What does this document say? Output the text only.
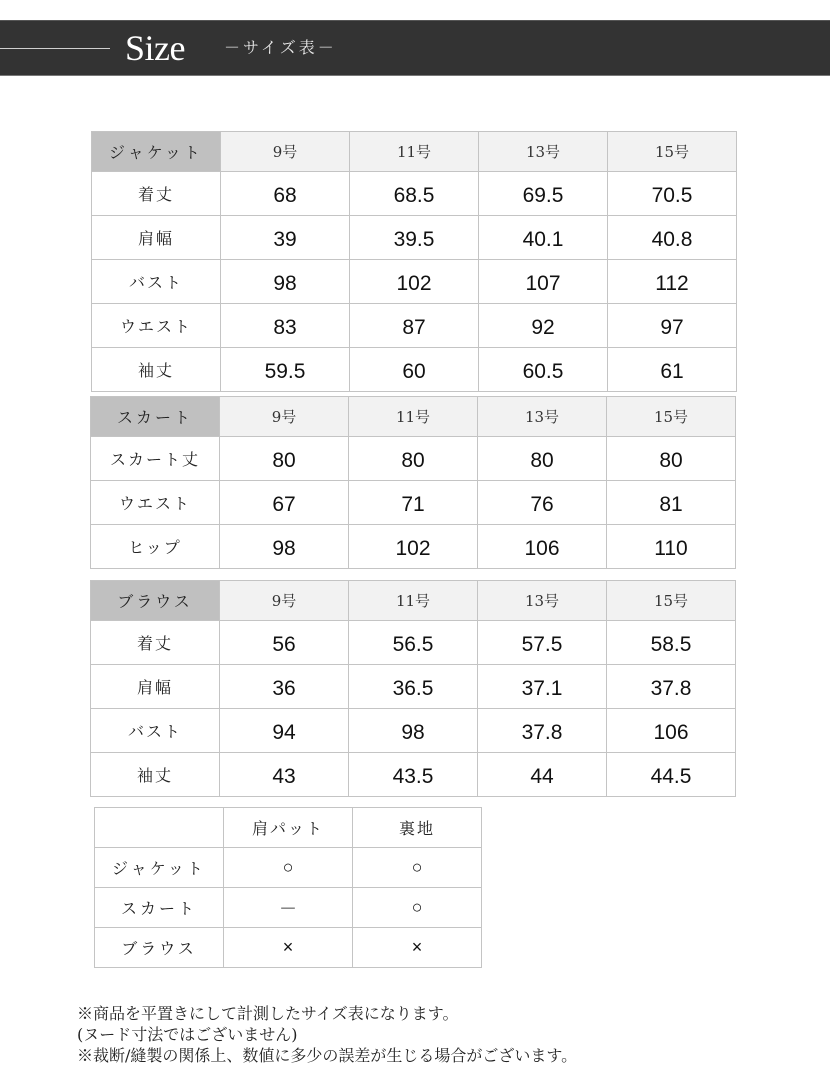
Size －サイズ表－
ジャケット	9号	11号	13号	15号
着丈	68	68.5	69.5	70.5
肩幅	39	39.5	40.1	40.8
バスト	98	102	107	112
ウエスト	83	87	92	97
袖丈	59.5	60	60.5	61
スカート	9号	11号	13号	15号
スカート丈	80	80	80	80
ウエスト	67	71	76	81
ヒップ	98	102	106	110
ブラウス	9号	11号	13号	15号
着丈	56	56.5	57.5	58.5
肩幅	36	36.5	37.1	37.8
バスト	94	98	37.8	106
袖丈	43	43.5	44	44.5
	肩パット	裏地
ジャケット	○	○
スカート	－	○
ブラウス	×	×
※商品を平置きにして計測したサイズ表になります。
(ヌード寸法ではございません)
※裁断/縫製の関係上、数値に多少の誤差が生じる場合がございます。
